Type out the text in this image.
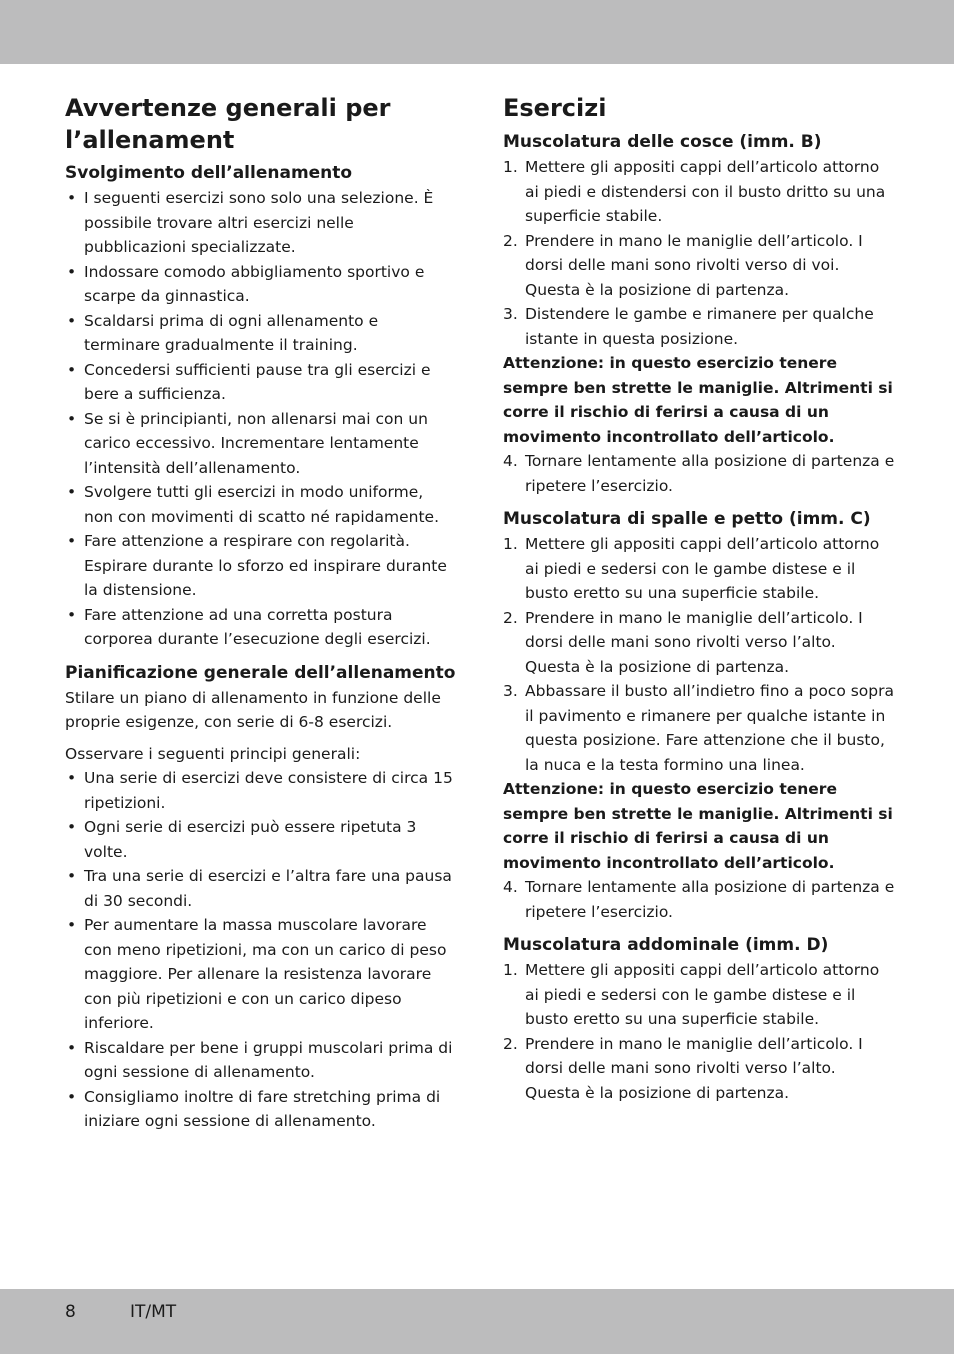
Avvertenze generali per l’allenament
Svolgimento dell’allenamento
• I seguenti esercizi sono solo una selezione. È possibile trovare altri esercizi nelle pubblicazioni specializzate.
• Indossare comodo abbigliamento sportivo e scarpe da ginnastica.
• Scaldarsi prima di ogni allenamento e terminare gradualmente il training.
• Concedersi sufficienti pause tra gli esercizi e bere a sufficienza.
• Se si è principianti, non allenarsi mai con un carico eccessivo. Incrementare lentamente l’intensità dell’allenamento.
• Svolgere tutti gli esercizi in modo uniforme, non con movimenti di scatto né rapidamente.
• Fare attenzione a respirare con regolarità. Espirare durante lo sforzo ed inspirare durante la distensione.
• Fare attenzione ad una corretta postura corporea durante l’esecuzione degli esercizi.
Pianificazione generale dell’allenamento

Stilare un piano di allenamento in funzione delle proprie esigenze, con serie di 6-8 esercizi.

Osservare i seguenti principi generali:

• Una serie di esercizi deve consistere di circa 15 ripetizioni.
• Ogni serie di esercizi può essere ripetuta 3 volte.
• Tra una serie di esercizi e l’altra fare una pausa di 30 secondi.
• Per aumentare la massa muscolare lavorare con meno ripetizioni, ma con un carico di peso maggiore. Per allenare la resistenza lavorare con più ripetizioni e con un carico dipeso inferiore.
• Riscaldare per bene i gruppi muscolari prima di ogni sessione di allenamento.
• Consigliamo inoltre di fare stretching prima di iniziare ogni sessione di allenamento.
Esercizi
Muscolatura delle cosce (imm. B)
1. Mettere gli appositi cappi dell’articolo attorno ai piedi e distendersi con il busto dritto su una superficie stabile.
2. Prendere in mano le maniglie dell’articolo. I dorsi delle mani sono rivolti verso di voi. Questa è la posizione di partenza.
3. Distendere le gambe e rimanere per qualche istante in questa posizione.

Attenzione: in questo esercizio tenere sempre ben strette le maniglie. Altrimenti si corre il rischio di ferirsi a causa di un movimento incontrollato dell’articolo.

4. Tornare lentamente alla posizione di partenza e ripetere l’esercizio.
Muscolatura di spalle e petto (imm. C)
1. Mettere gli appositi cappi dell’articolo attorno ai piedi e sedersi con le gambe distese e il busto eretto su una superficie stabile.
2. Prendere in mano le maniglie dell’articolo. I dorsi delle mani sono rivolti verso l’alto. Questa è la posizione di partenza.
3. Abbassare il busto all’indietro fino a poco sopra il pavimento e rimanere per qualche istante in questa posizione. Fare attenzione che il busto, la nuca e la testa formino una linea.

Attenzione: in questo esercizio tenere sempre ben strette le maniglie. Altrimenti si corre il rischio di ferirsi a causa di un movimento incontrollato dell’articolo.

4. Tornare lentamente alla posizione di partenza e ripetere l’esercizio.
Muscolatura addominale (imm. D)
1. Mettere gli appositi cappi dell’articolo attorno ai piedi e sedersi con le gambe distese e il busto eretto su una superficie stabile.
2. Prendere in mano le maniglie dell’articolo. I dorsi delle mani sono rivolti verso l’alto. Questa è la posizione di partenza.
8	IT/MT
